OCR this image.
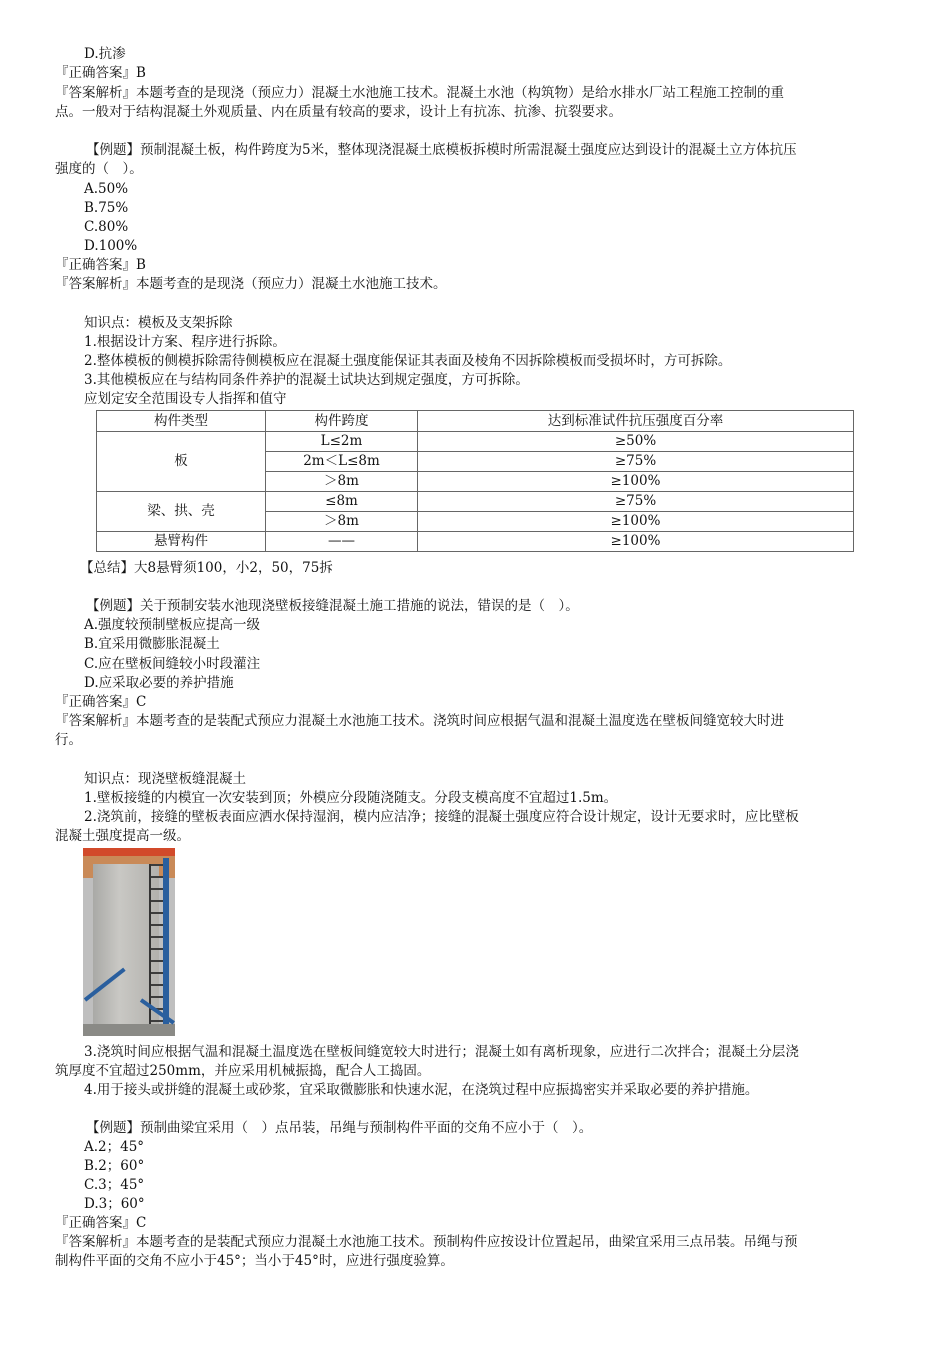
D.抗渗
『正确答案』B
『答案解析』本题考查的是现浇（预应力）混凝土水池施工技术。混凝土水池（构筑物）是给水排水厂站工程施工控制的重
点。一般对于结构混凝土外观质量、内在质量有较高的要求，设计上有抗冻、抗渗、抗裂要求。
【例题】预制混凝土板，构件跨度为5米，整体现浇混凝土底模板拆模时所需混凝土强度应达到设计的混凝土立方体抗压
强度的（　）。
A.50%
B.75%
C.80%
D.100%
『正确答案』B
『答案解析』本题考查的是现浇（预应力）混凝土水池施工技术。
知识点：模板及支架拆除
1.根据设计方案、程序进行拆除。
2.整体模板的侧模拆除需待侧模板应在混凝土强度能保证其表面及棱角不因拆除模板而受损坏时，方可拆除。
3.其他模板应在与结构同条件养护的混凝土试块达到规定强度，方可拆除。
应划定安全范围设专人指挥和值守
构件类型	构件跨度	达到标准试件抗压强度百分率
板	L≤2m	≥50%
	2m＜L≤8m	≥75%
	＞8m	≥100%
梁、拱、壳	≤8m	≥75%
	＞8m	≥100%
悬臂构件	——	≥100%
【总结】大8悬臂须100，小2，50，75拆
【例题】关于预制安装水池现浇壁板接缝混凝土施工措施的说法，错误的是（　）。
A.强度较预制壁板应提高一级
B.宜采用微膨胀混凝土
C.应在壁板间缝较小时段灌注
D.应采取必要的养护措施
『正确答案』C
『答案解析』本题考查的是装配式预应力混凝土水池施工技术。浇筑时间应根据气温和混凝土温度选在壁板间缝宽较大时进
行。
知识点：现浇壁板缝混凝土
1.壁板接缝的内模宜一次安装到顶；外模应分段随浇随支。分段支模高度不宜超过1.5m。
2.浇筑前，接缝的壁板表面应洒水保持湿润，模内应洁净；接缝的混凝土强度应符合设计规定，设计无要求时，应比壁板
混凝土强度提高一级。
3.浇筑时间应根据气温和混凝土温度选在壁板间缝宽较大时进行；混凝土如有离析现象，应进行二次拌合；混凝土分层浇
筑厚度不宜超过250mm，并应采用机械振捣，配合人工捣固。
4.用于接头或拼缝的混凝土或砂浆，宜采取微膨胀和快速水泥，在浇筑过程中应振捣密实并采取必要的养护措施。
【例题】预制曲梁宜采用（　）点吊装，吊绳与预制构件平面的交角不应小于（　）。
A.2；45°
B.2；60°
C.3；45°
D.3；60°
『正确答案』C
『答案解析』本题考查的是装配式预应力混凝土水池施工技术。预制构件应按设计位置起吊，曲梁宜采用三点吊装。吊绳与预
制构件平面的交角不应小于45°；当小于45°时，应进行强度验算。
